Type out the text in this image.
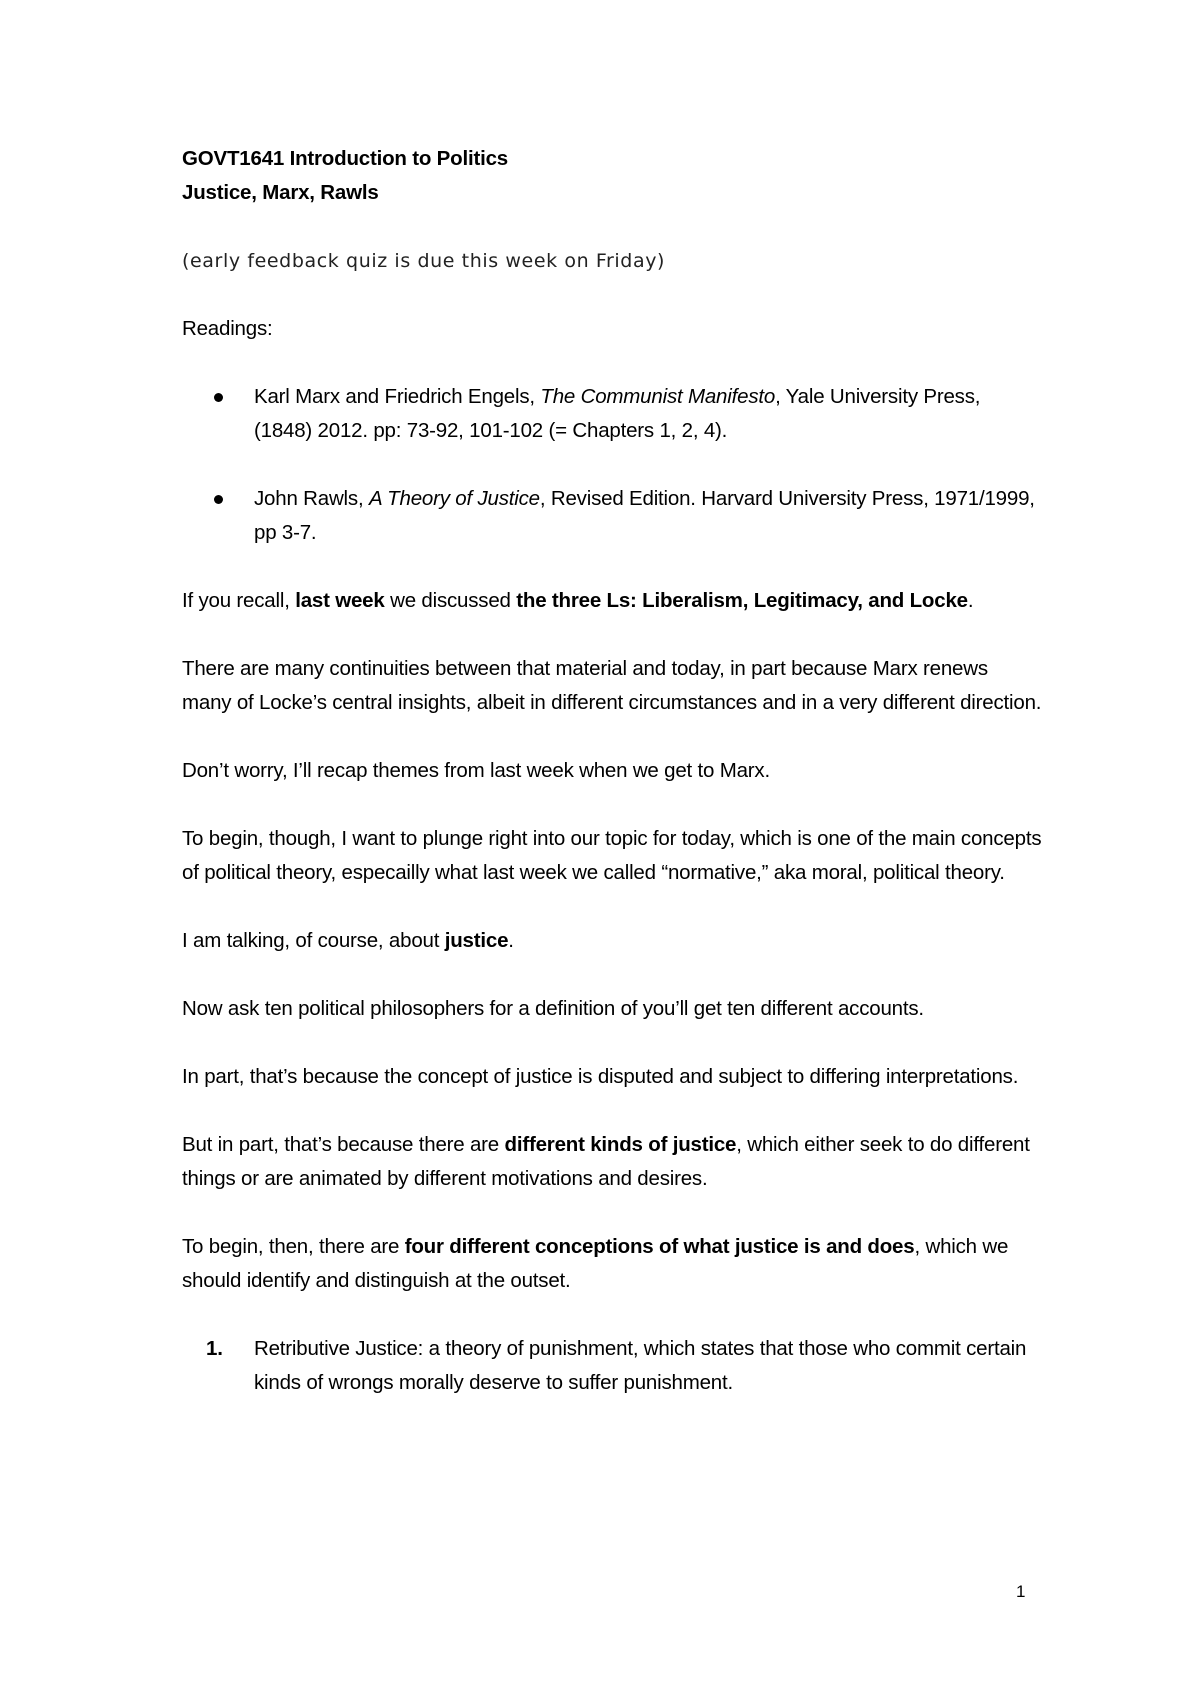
GOVT1641 Introduction to Politics
Justice, Marx, Rawls

(early feedback quiz is due this week on Friday)

Readings:

Karl Marx and Friedrich Engels, The Communist Manifesto, Yale University Press, (1848) 2012. pp: 73-92, 101-102 (= Chapters 1, 2, 4).
John Rawls, A Theory of Justice, Revised Edition. Harvard University Press, 1971/1999, pp 3-7.

If you recall, last week we discussed the three Ls: Liberalism, Legitimacy, and Locke.

There are many continuities between that material and today, in part because Marx renews many of Locke’s central insights, albeit in different circumstances and in a very different direction.

Don’t worry, I’ll recap themes from last week when we get to Marx.

To begin, though, I want to plunge right into our topic for today, which is one of the main concepts of political theory, especailly what last week we called “normative,” aka moral, political theory.

I am talking, of course, about justice.

Now ask ten political philosophers for a definition of you’ll get ten different accounts.

In part, that’s because the concept of justice is disputed and subject to differing interpretations.

But in part, that’s because there are different kinds of justice, which either seek to do different things or are animated by different motivations and desires.

To begin, then, there are four different conceptions of what justice is and does, which we should identify and distinguish at the outset.

1. Retributive Justice: a theory of punishment, which states that those who commit certain kinds of wrongs morally deserve to suffer punishment.
1
